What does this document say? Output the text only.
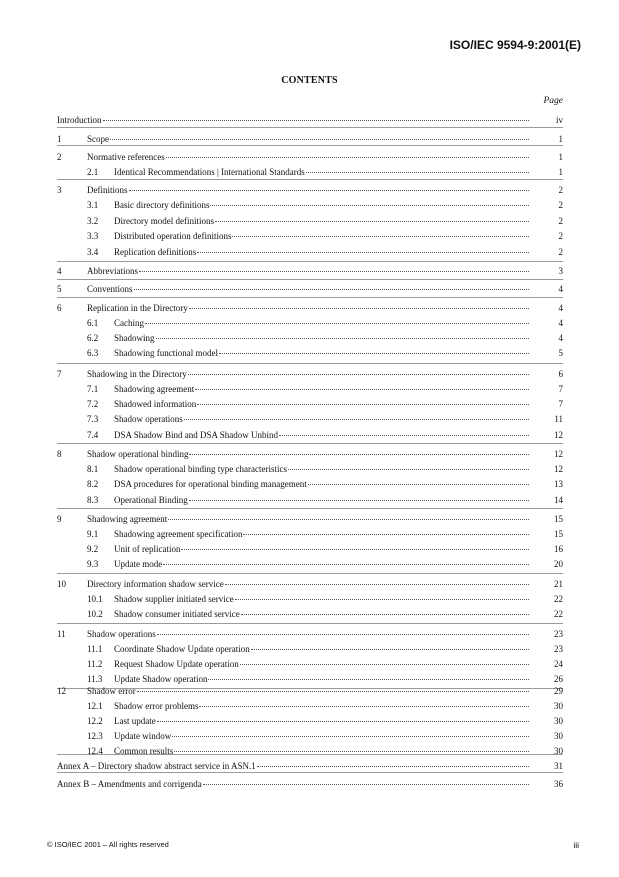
ISO/IEC 9594-9:2001(E)
CONTENTS
Page
Introduction	iv
1	Scope	1
2	Normative references	1
2.1	Identical Recommendations | International Standards	1
3	Definitions	2
3.1	Basic directory definitions	2
3.2	Directory model definitions	2
3.3	Distributed operation definitions	2
3.4	Replication definitions	2
4	Abbreviations	3
5	Conventions	4
6	Replication in the Directory	4
6.1	Caching	4
6.2	Shadowing	4
6.3	Shadowing functional model	5
7	Shadowing in the Directory	6
7.1	Shadowing agreement	7
7.2	Shadowed information	7
7.3	Shadow operations	11
7.4	DSA Shadow Bind and DSA Shadow Unbind	12
8	Shadow operational binding	12
8.1	Shadow operational binding type characteristics	12
8.2	DSA procedures for operational binding management	13
8.3	Operational Binding	14
9	Shadowing agreement	15
9.1	Shadowing agreement specification	15
9.2	Unit of replication	16
9.3	Update mode	20
10	Directory information shadow service	21
10.1	Shadow supplier initiated service	22
10.2	Shadow consumer initiated service	22
11	Shadow operations	23
11.1	Coordinate Shadow Update operation	23
11.2	Request Shadow Update operation	24
11.3	Update Shadow operation	26
12	Shadow error	29
12.1	Shadow error problems	30
12.2	Last update	30
12.3	Update window	30
12.4	Common results	30
Annex A – Directory shadow abstract service in ASN.1	31
Annex B – Amendments and corrigenda	36
© ISO/IEC 2001 – All rights reserved	iii
